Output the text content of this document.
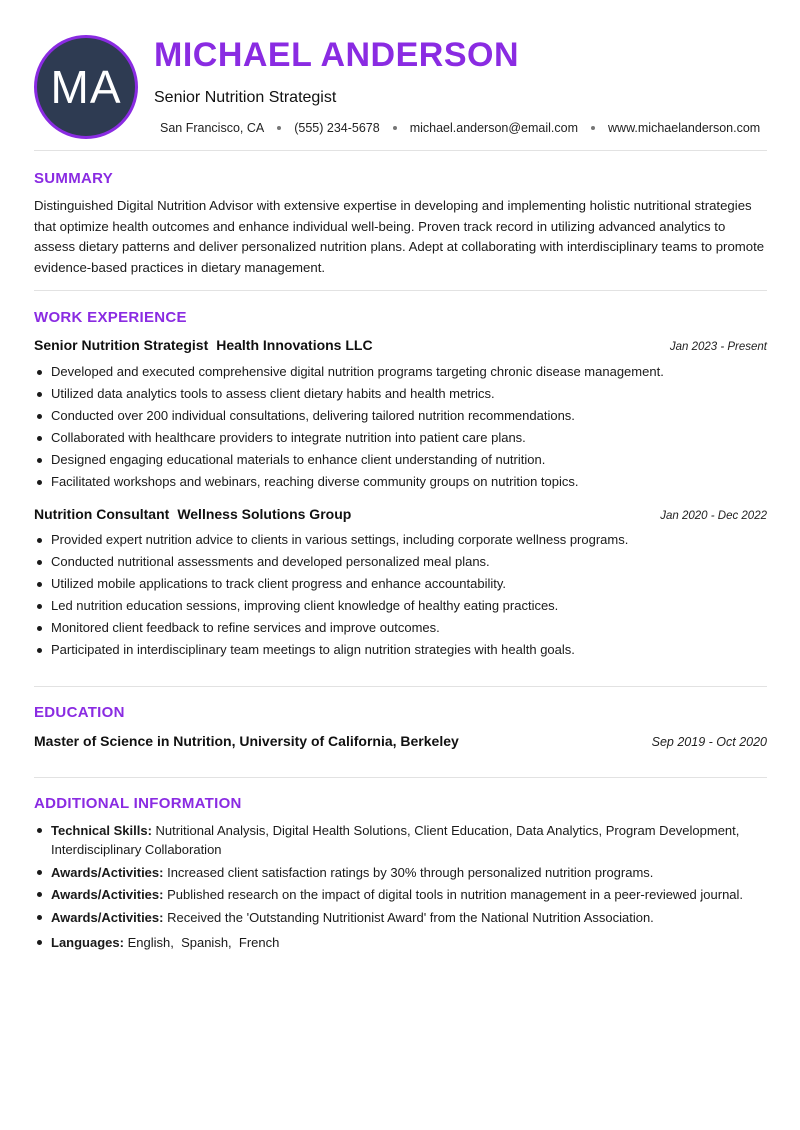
MA
MICHAEL ANDERSON
Senior Nutrition Strategist
San Francisco, CA (555) 234-5678 michael.anderson@email.com www.michaelanderson.com
SUMMARY
Distinguished Digital Nutrition Advisor with extensive expertise in developing and implementing holistic nutritional strategies that optimize health outcomes and enhance individual well-being. Proven track record in utilizing advanced analytics to assess dietary patterns and deliver personalized nutrition plans. Adept at collaborating with interdisciplinary teams to promote evidence-based practices in dietary management.
WORK EXPERIENCE
Senior Nutrition Strategist Health Innovations LLC	Jan 2023 - Present
Developed and executed comprehensive digital nutrition programs targeting chronic disease management.
Utilized data analytics tools to assess client dietary habits and health metrics.
Conducted over 200 individual consultations, delivering tailored nutrition recommendations.
Collaborated with healthcare providers to integrate nutrition into patient care plans.
Designed engaging educational materials to enhance client understanding of nutrition.
Facilitated workshops and webinars, reaching diverse community groups on nutrition topics.
Nutrition Consultant Wellness Solutions Group	Jan 2020 - Dec 2022
Provided expert nutrition advice to clients in various settings, including corporate wellness programs.
Conducted nutritional assessments and developed personalized meal plans.
Utilized mobile applications to track client progress and enhance accountability.
Led nutrition education sessions, improving client knowledge of healthy eating practices.
Monitored client feedback to refine services and improve outcomes.
Participated in interdisciplinary team meetings to align nutrition strategies with health goals.
EDUCATION
Master of Science in Nutrition, University of California, Berkeley	Sep 2019 - Oct 2020
ADDITIONAL INFORMATION
Technical Skills: Nutritional Analysis, Digital Health Solutions, Client Education, Data Analytics, Program Development, Interdisciplinary Collaboration
Awards/Activities: Increased client satisfaction ratings by 30% through personalized nutrition programs.
Awards/Activities: Published research on the impact of digital tools in nutrition management in a peer-reviewed journal.
Awards/Activities: Received the 'Outstanding Nutritionist Award' from the National Nutrition Association.
Languages: English,  Spanish,  French
